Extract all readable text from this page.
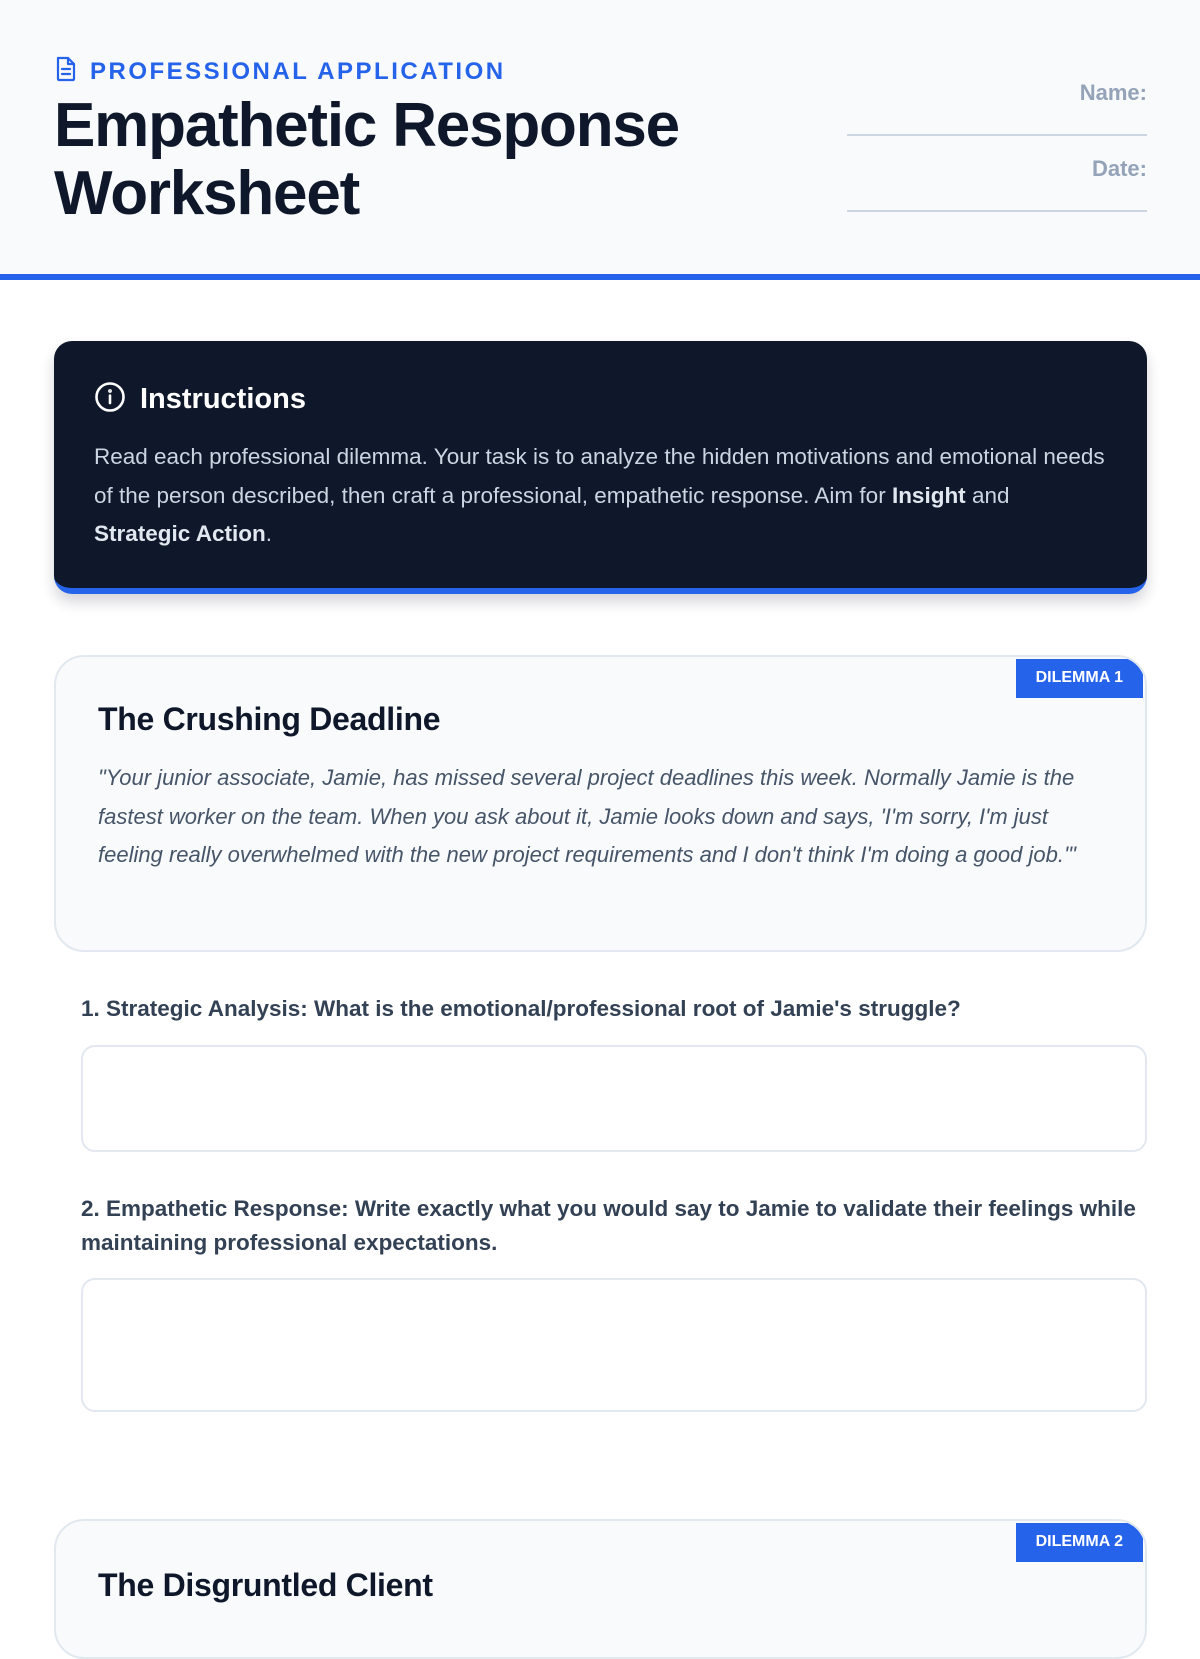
PROFESSIONAL APPLICATION
Empathetic Response Worksheet
Name:
Date:
Instructions

Read each professional dilemma. Your task is to analyze the hidden motivations and emotional needs of the person described, then craft a professional, empathetic response. Aim for Insight and Strategic Action.

DILEMMA 1
The Crushing Deadline

"Your junior associate, Jamie, has missed several project deadlines this week. Normally Jamie is the fastest worker on the team. When you ask about it, Jamie looks down and says, 'I'm sorry, I'm just feeling really overwhelmed with the new project requirements and I don't think I'm doing a good job.'"

1. Strategic Analysis: What is the emotional/professional root of Jamie's struggle?
2. Empathetic Response: Write exactly what you would say to Jamie to validate their feelings while maintaining professional expectations.
DILEMMA 2
The Disgruntled Client
